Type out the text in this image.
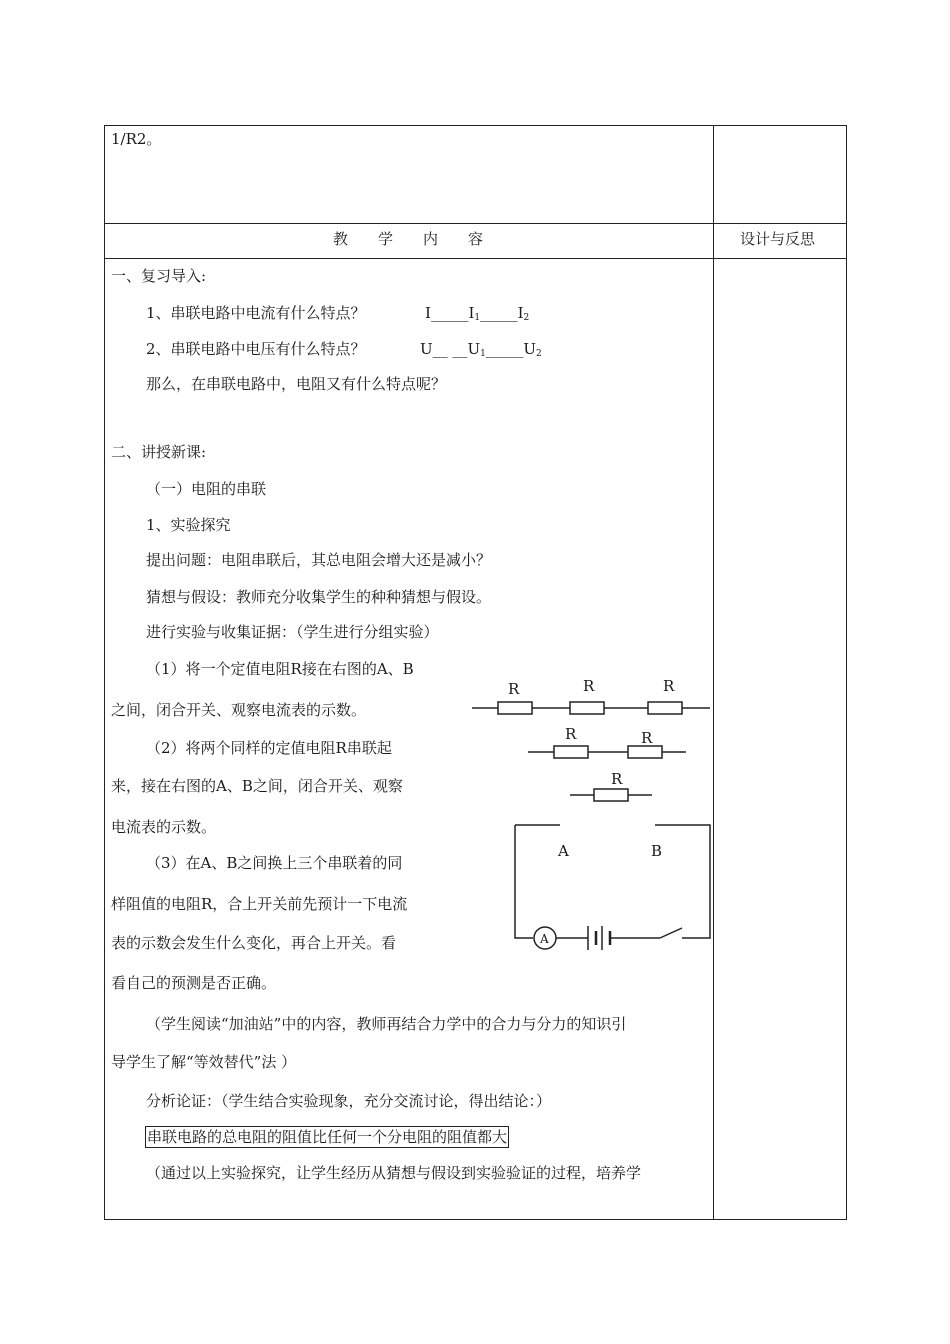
1/R2。
教　　学　　内　　容	设计与反思
一、复习导入:
1、串联电路中电流有什么特点？	$I\_\_\_\_\_I_1\_\_\_\_\_I_2$
2、串联电路中电压有什么特点？	U__ $\_\_U_1\_\_\_\_\_U_2$
那么，在串联电路中，电阻又有什么特点呢？
二、讲授新课:
（一）电阻的串联
1、实验探究
提出问题：电阻串联后，其总电阻会增大还是减小？
猜想与假设：教师充分收集学生的种种猜想与假设。
进行实验与收集证据：（学生进行分组实验）
（1）将一个定值电阻R接在右图的A、B
之间，闭合开关、观察电流表的示数。
（2）将两个同样的定值电阻R串联起
来，接在右图的A、B之间，闭合开关、观察
电流表的示数。
（3）在A、B之间换上三个串联着的同
样阻值的电阻R，合上开关前先预计一下电流
表的示数会发生什么变化，再合上开关。看
看自己的预测是否正确。
（学生阅读“加油站”中的内容，教师再结合力学中的合力与分力的知识引
导学生了解“等效替代”法 ）
分析论证：（学生结合实验现象，充分交流讨论，得出结论：）
串联电路的总电阻的阻值比任何一个分电阻的阻值都大
（通过以上实验探究，让学生经历从猜想与假设到实验验证的过程，培养学
R	R	R
R	R
R
A	B
A
